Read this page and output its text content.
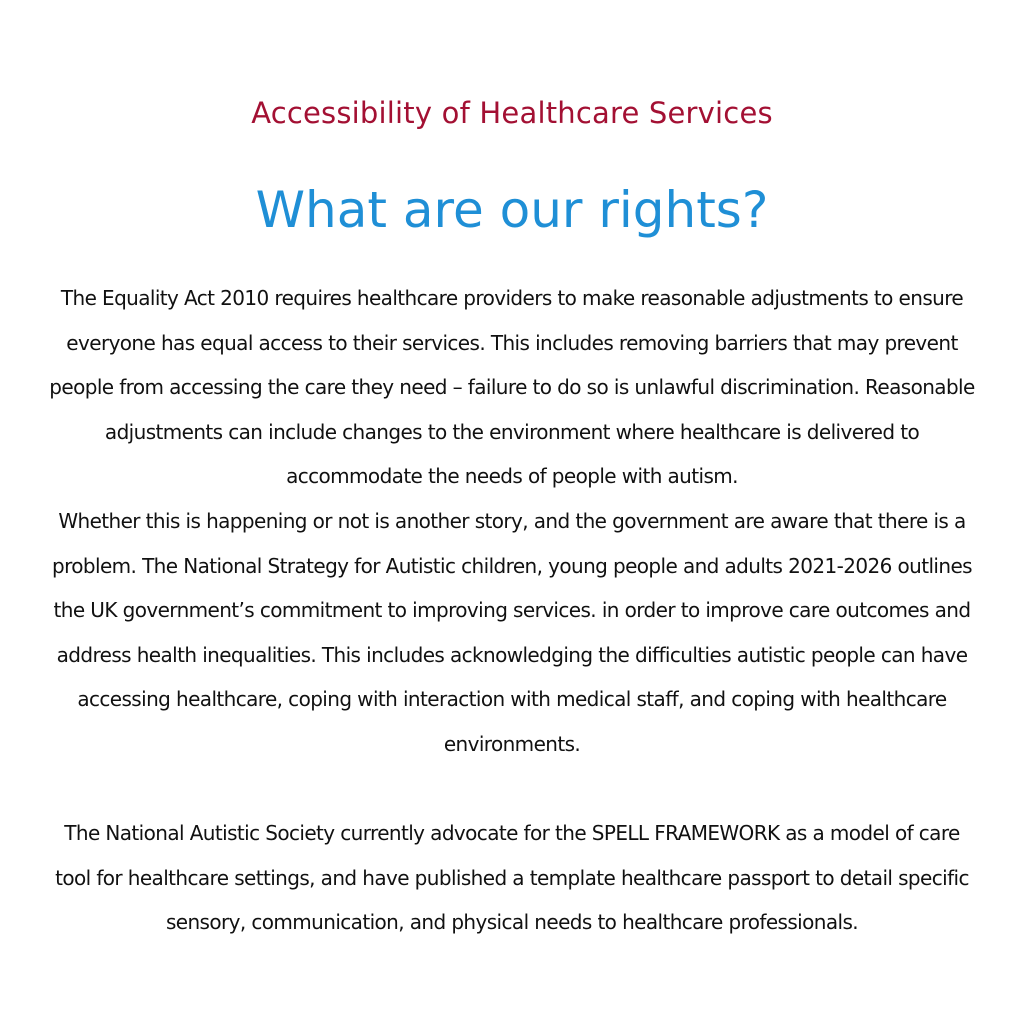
Accessibility of Healthcare Services
What are our rights?

The Equality Act 2010 requires healthcare providers to make reasonable adjustments to ensure everyone has equal access to their services. This includes removing barriers that may prevent people from accessing the care they need – failure to do so is unlawful discrimination. Reasonable adjustments can include changes to the environment where healthcare is delivered to accommodate the needs of people with autism.

Whether this is happening or not is another story, and the government are aware that there is a problem. The National Strategy for Autistic children, young people and adults 2021-2026 outlines the UK government’s commitment to improving services. in order to improve care outcomes and address health inequalities. This includes acknowledging the difficulties autistic people can have accessing healthcare, coping with interaction with medical staff, and coping with healthcare environments.

The National Autistic Society currently advocate for the SPELL FRAMEWORK as a model of care tool for healthcare settings, and have published a template healthcare passport to detail specific sensory, communication, and physical needs to healthcare professionals.
